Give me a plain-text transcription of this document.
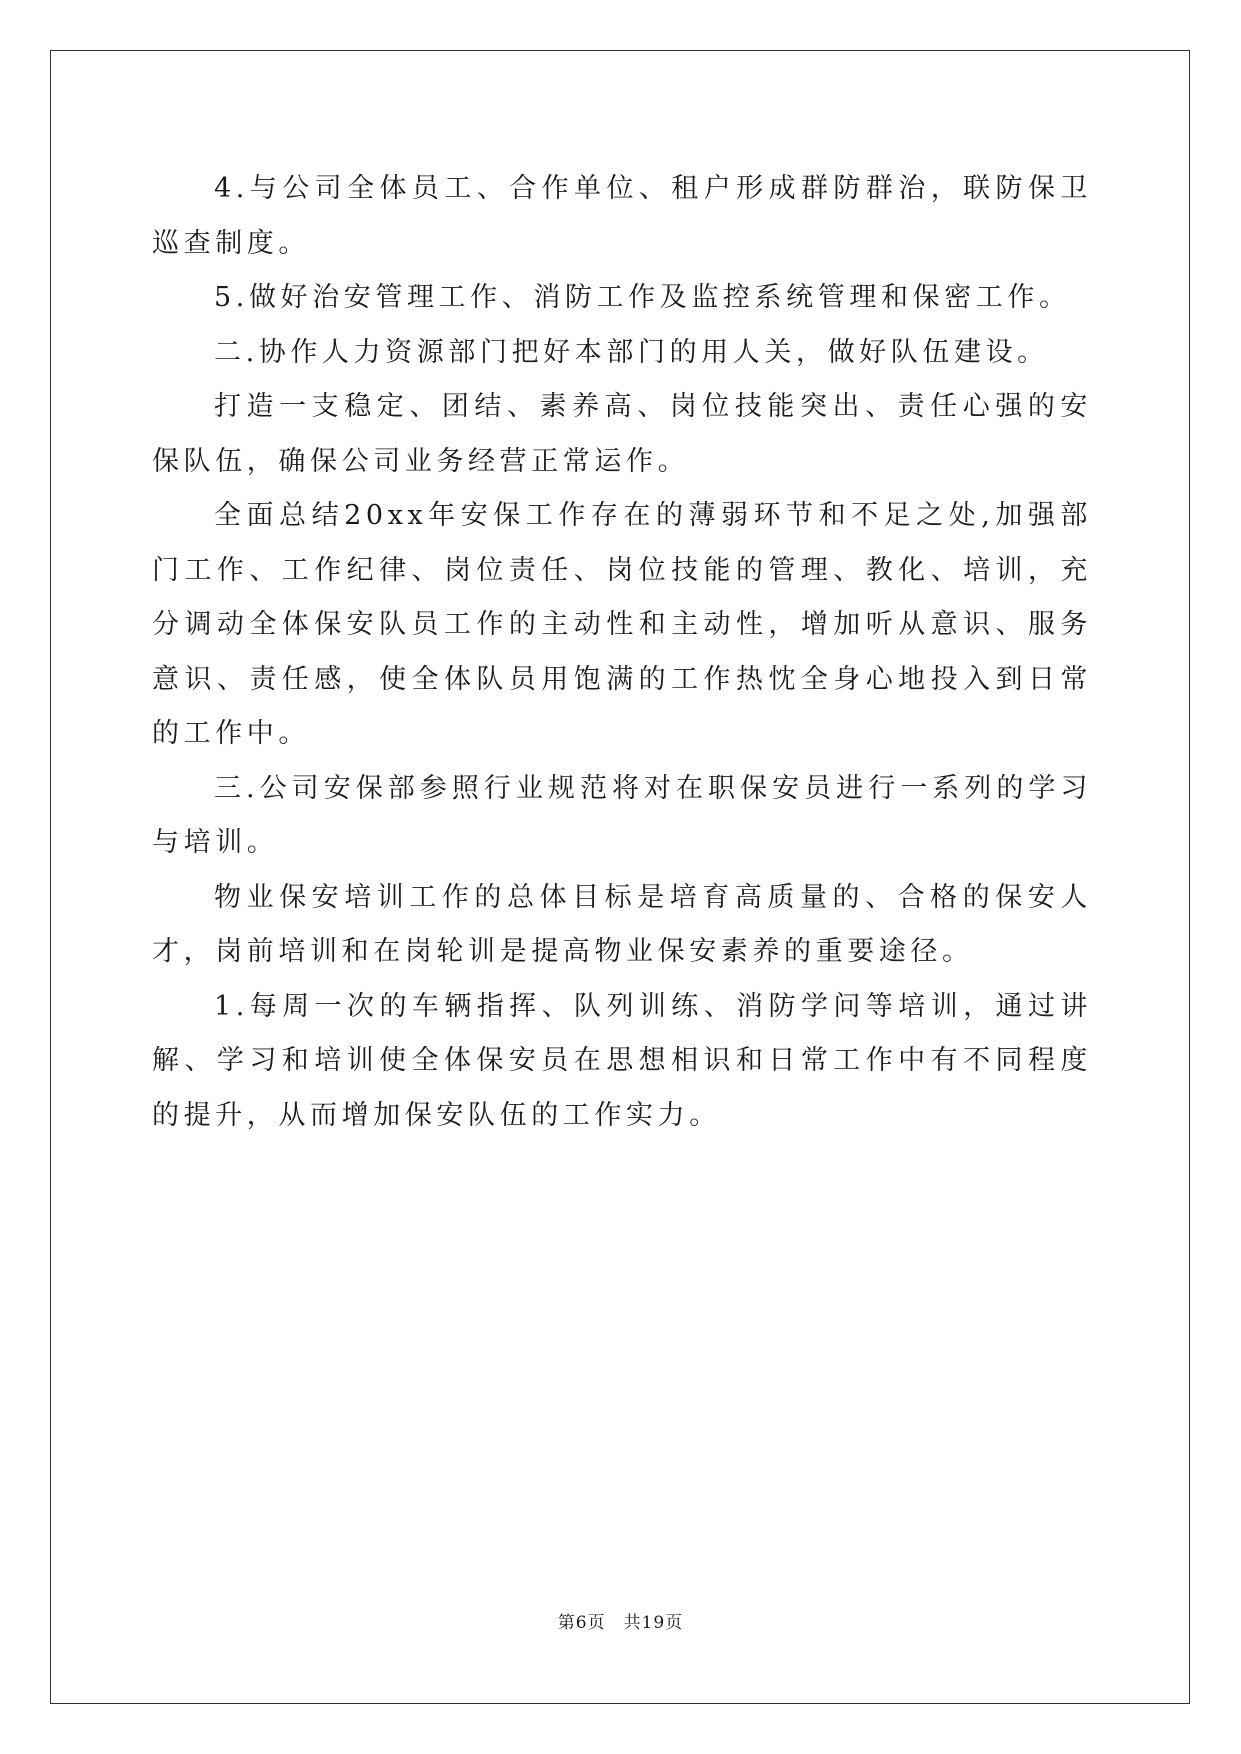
4.与公司全体员工、合作单位、租户形成群防群治，联防保卫巡查制度。

5.做好治安管理工作、消防工作及监控系统管理和保密工作。

二.协作人力资源部门把好本部门的用人关，做好队伍建设。

打造一支稳定、团结、素养高、岗位技能突出、责任心强的安保队伍，确保公司业务经营正常运作。

全面总结20xx年安保工作存在的薄弱环节和不足之处,加强部门工作、工作纪律、岗位责任、岗位技能的管理、教化、培训，充分调动全体保安队员工作的主动性和主动性，增加听从意识、服务意识、责任感，使全体队员用饱满的工作热忱全身心地投入到日常的工作中。

三.公司安保部参照行业规范将对在职保安员进行一系列的学习与培训。

物业保安培训工作的总体目标是培育高质量的、合格的保安人才，岗前培训和在岗轮训是提高物业保安素养的重要途径。

1.每周一次的车辆指挥、队列训练、消防学问等培训，通过讲解、学习和培训使全体保安员在思想相识和日常工作中有不同程度的提升，从而增加保安队伍的工作实力。

第6页 共19页
